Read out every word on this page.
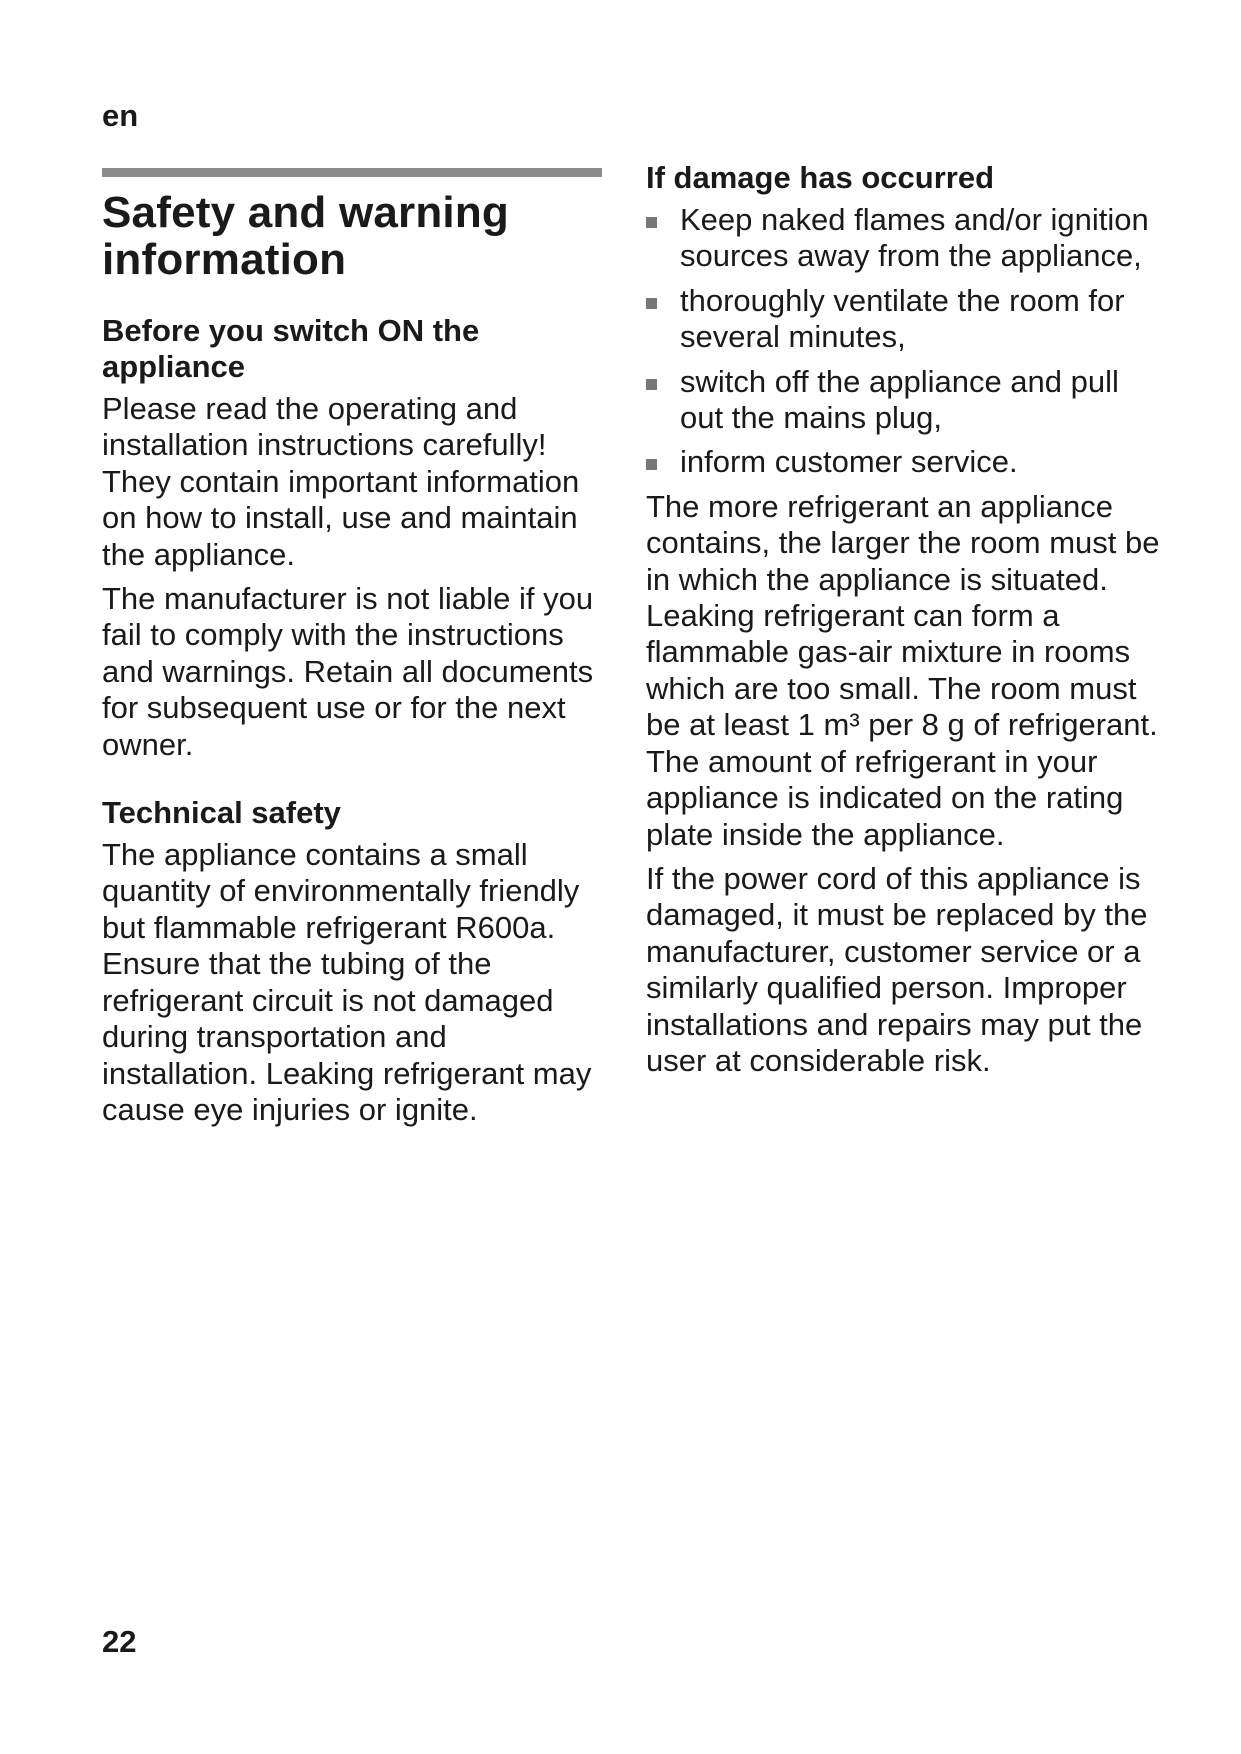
en
Safety and warning information
Before you switch ON the appliance

Please read the operating and installation instructions carefully! They contain important information on how to install, use and maintain the appliance.

The manufacturer is not liable if you fail to comply with the instructions and warnings. Retain all documents for subsequent use or for the next owner.

Technical safety

The appliance contains a small quantity of environmentally friendly but flammable refrigerant R600a. Ensure that the tubing of the refrigerant circuit is not damaged during transportation and installation. Leaking refrigerant may cause eye injuries or ignite.

If damage has occurred
Keep naked flames and/or ignition sources away from the appliance,
thoroughly ventilate the room for several minutes,
switch off the appliance and pull out the mains plug,
inform customer service.

The more refrigerant an appliance contains, the larger the room must be in which the appliance is situated. Leaking refrigerant can form a flammable gas-air mixture in rooms which are too small. The room must be at least 1 m³ per 8 g of refrigerant. The amount of refrigerant in your appliance is indicated on the rating plate inside the appliance.

If the power cord of this appliance is damaged, it must be replaced by the manufacturer, customer service or a similarly qualified person. Improper installations and repairs may put the user at considerable risk.

22
